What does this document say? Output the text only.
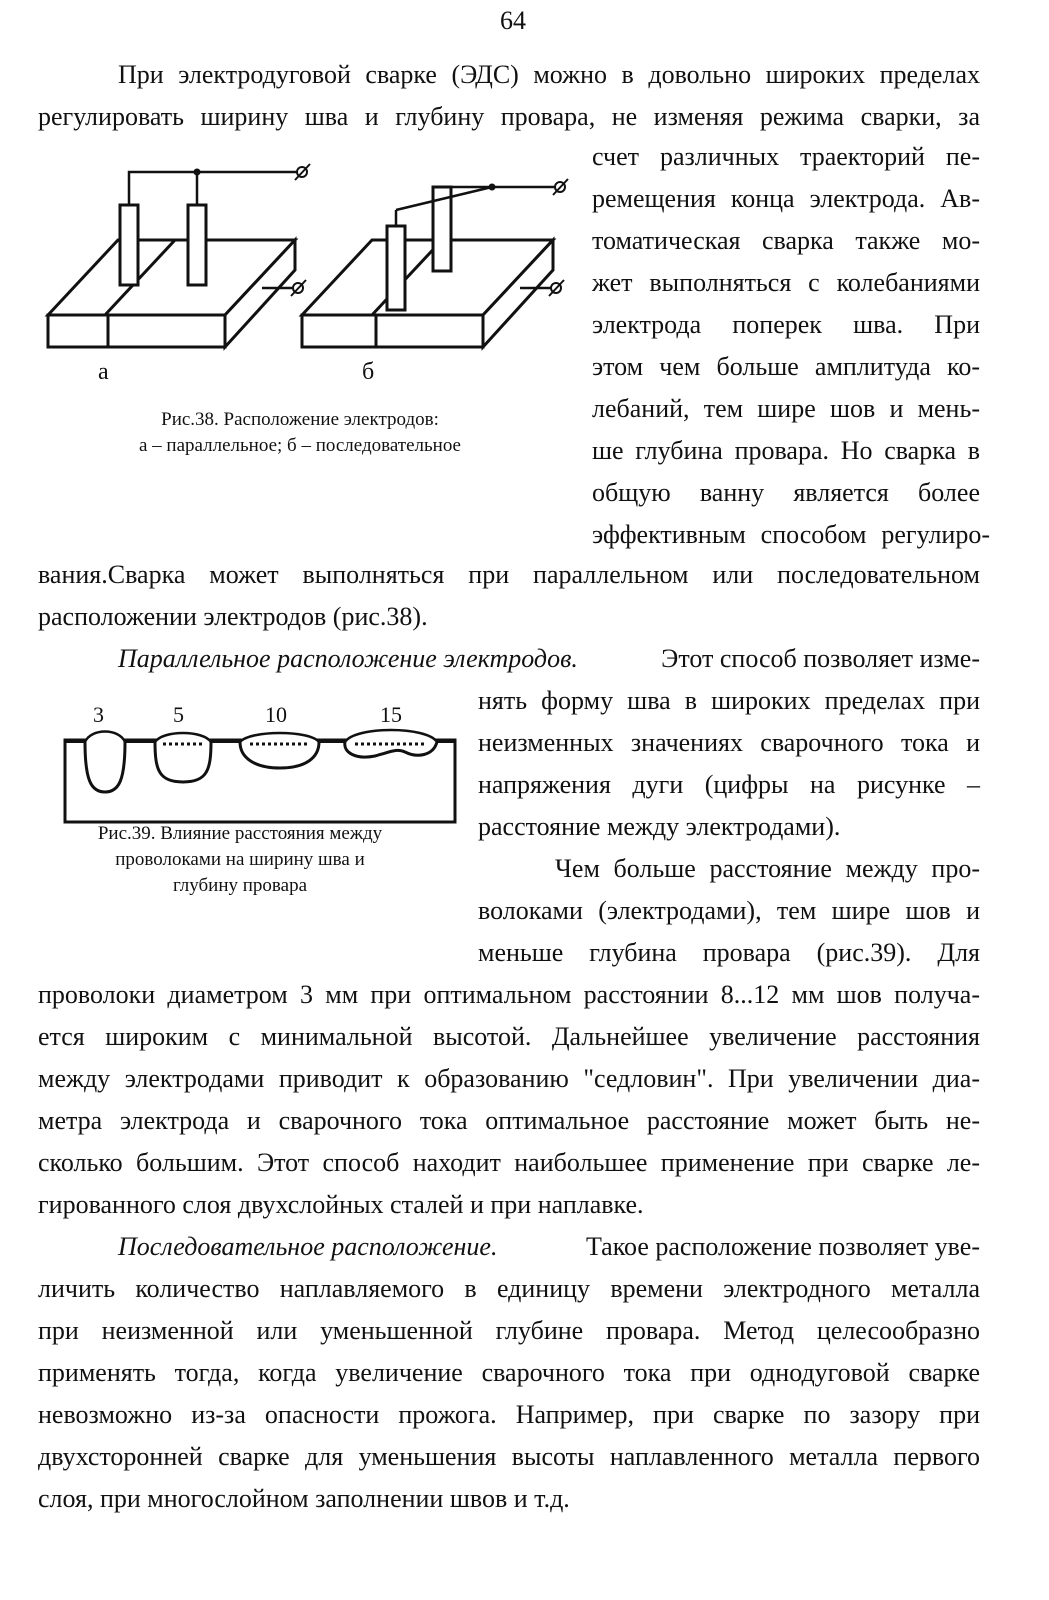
64
При электродуговой сварке (ЭДС) можно в довольно широких пределах
регулировать ширину шва и глубину провара, не изменяя режима сварки, за
а	б
Рис.38. Расположение электродов:
а – параллельное; б – последовательное
счет различных траекторий пе-
ремещения конца электрода. Ав-
томатическая сварка также мо-
жет выполняться с колебаниями
электрода поперек шва. При
этом чем больше амплитуда ко-
лебаний, тем шире шов и мень-
ше глубина провара. Но сварка в
общую ванну является более
эффективным способом регулиро-
вания.Сварка может выполняться при параллельном или последовательном
расположении электродов (рис.38).
Параллельное расположение электродов.	Этот способ позволяет изме-
нять форму шва в широких пределах при
неизменных значениях сварочного тока и
напряжения дуги (цифры на рисунке –
расстояние между электродами).
Чем больше расстояние между про-
волоками (электродами), тем шире шов и
меньше глубина провара (рис.39). Для
3	5	10	15
Рис.39. Влияние расстояния между
проволоками на ширину шва и
глубину провара
проволоки диаметром 3 мм при оптимальном расстоянии 8...12 мм шов получа-
ется широким с минимальной высотой. Дальнейшее увеличение расстояния
между электродами приводит к образованию "седловин". При увеличении диа-
метра электрода и сварочного тока оптимальное расстояние может быть не-
сколько большим. Этот способ находит наибольшее применение при сварке ле-
гированного слоя двухслойных сталей и при наплавке.
Последовательное расположение.	Такое расположение позволяет уве-
личить количество наплавляемого в единицу времени электродного металла
при неизменной или уменьшенной глубине провара. Метод целесообразно
применять тогда, когда увеличение сварочного тока при однодуговой сварке
невозможно из-за опасности прожога. Например, при сварке по зазору при
двухсторонней сварке для уменьшения высоты наплавленного металла первого
слоя, при многослойном заполнении швов и т.д.
